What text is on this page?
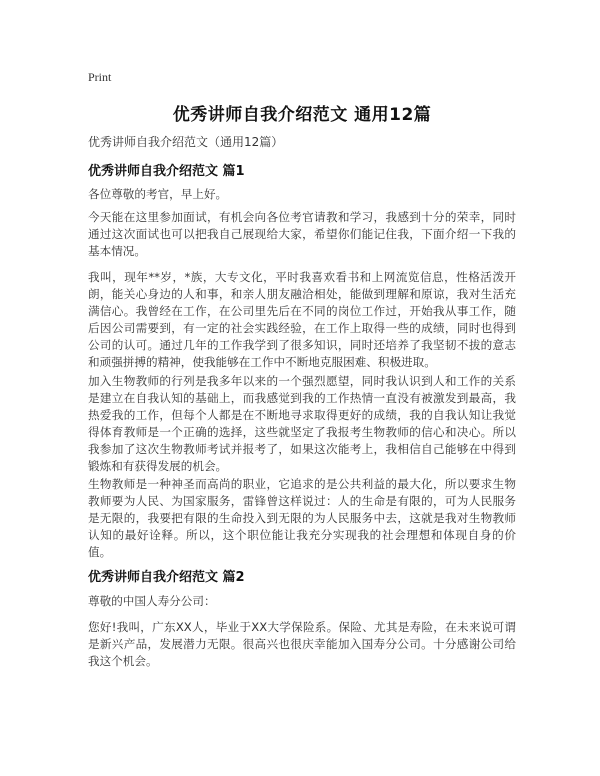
Print
优秀讲师自我介绍范文 通用12篇
优秀讲师自我介绍范文（通用12篇）
优秀讲师自我介绍范文 篇1

各位尊敬的考官，早上好。

今天能在这里参加面试，有机会向各位考官请教和学习，我感到十分的荣幸，同时通过这次面试也可以把我自己展现给大家，希望你们能记住我，下面介绍一下我的基本情况。

我叫，现年**岁，*族，大专文化，平时我喜欢看书和上网流览信息，性格活泼开朗，能关心身边的人和事，和亲人朋友融洽相处，能做到理解和原谅，我对生活充满信心。我曾经在工作，在公司里先后在不同的岗位工作过，开始我从事工作，随后因公司需要到，有一定的社会实践经验，在工作上取得一些的成绩，同时也得到公司的认可。通过几年的工作我学到了很多知识，同时还培养了我坚韧不拔的意志和顽强拼搏的精神，使我能够在工作中不断地克服困难、积极进取。

加入生物教师的行列是我多年以来的一个强烈愿望，同时我认识到人和工作的关系是建立在自我认知的基础上，而我感觉到我的工作热情一直没有被激发到最高，我热爱我的工作，但每个人都是在不断地寻求取得更好的成绩，我的自我认知让我觉得体育教师是一个正确的选择，这些就坚定了我报考生物教师的信心和决心。所以我参加了这次生物教师考试并报考了，如果这次能考上，我相信自己能够在中得到锻炼和有获得发展的机会。

生物教师是一种神圣而高尚的职业，它追求的是公共利益的最大化，所以要求生物教师要为人民、为国家服务，雷锋曾这样说过：人的生命是有限的，可为人民服务是无限的，我要把有限的生命投入到无限的为人民服务中去，这就是我对生物教师认知的最好诠释。所以，这个职位能让我充分实现我的社会理想和体现自身的价值。

优秀讲师自我介绍范文 篇2

尊敬的中国人寿分公司：

您好!我叫，广东XX人，毕业于XX大学保险系。保险、尤其是寿险，在未来说可谓是新兴产品，发展潜力无限。很高兴也很庆幸能加入国寿分公司。十分感谢公司给我这个机会。
